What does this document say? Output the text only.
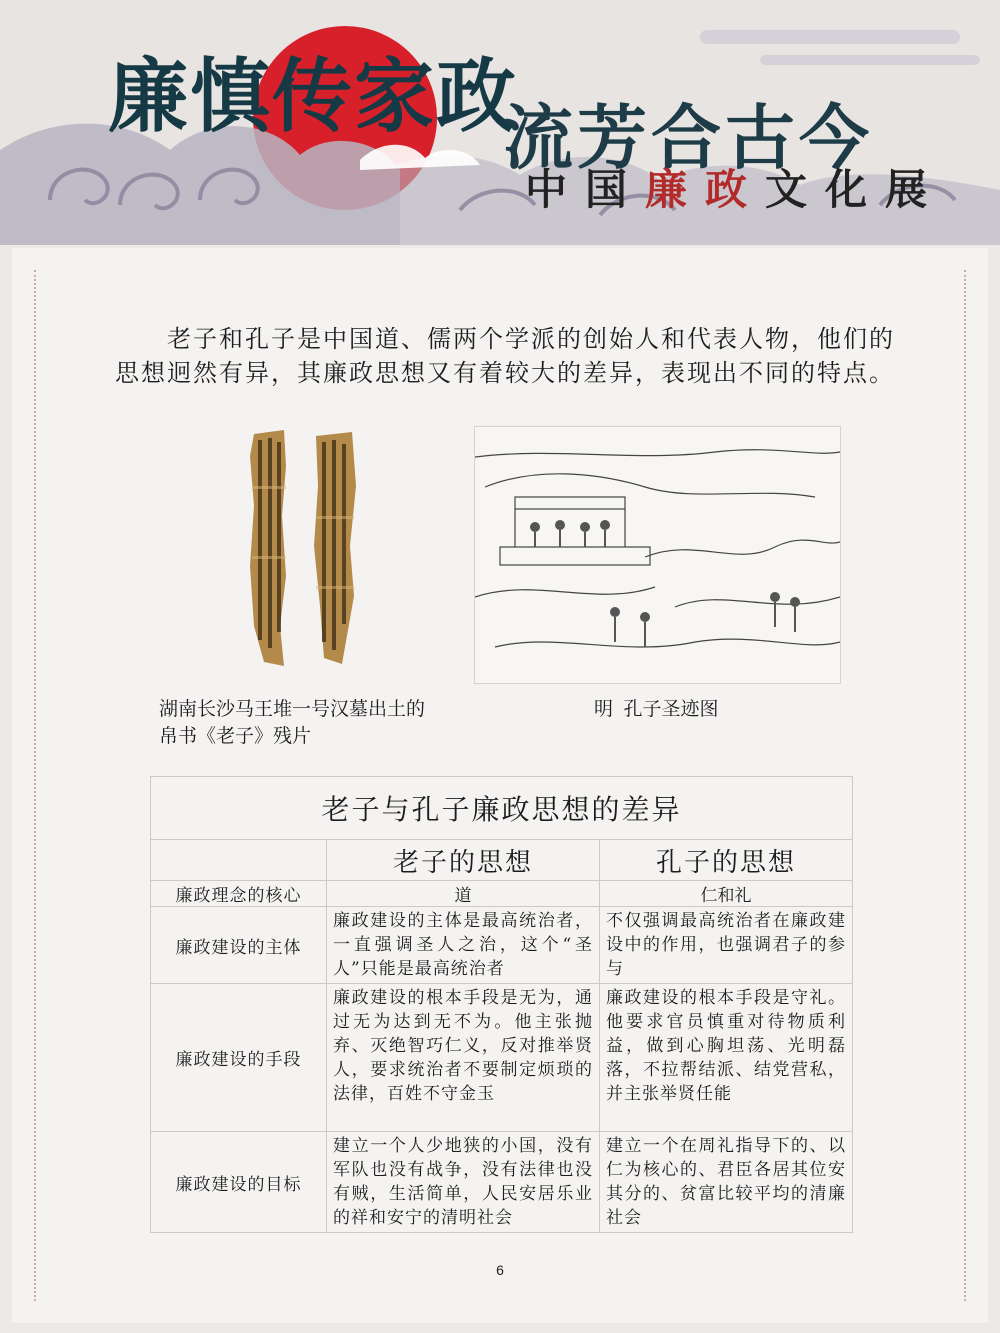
廉慎传家政
流芳合古今
中 国 廉 政 文 化 展

老子和孔子是中国道、儒两个学派的创始人和代表人物，他们的思想迥然有异，其廉政思想又有着较大的差异，表现出不同的特点。

湖南长沙马王堆一号汉墓出土的
帛书《老子》残片
明  孔子圣迹图
老子与孔子廉政思想的差异		
	老子的思想	孔子的思想
廉政理念的核心	道	仁和礼
廉政建设的主体	廉政建设的主体是最高统治者，一直强调圣人之治，这个“圣人”只能是最高统治者	不仅强调最高统治者在廉政建设中的作用，也强调君子的参与
廉政建设的手段	廉政建设的根本手段是无为，通过无为达到无不为。他主张抛弃、灭绝智巧仁义，反对推举贤人，要求统治者不要制定烦琐的法律，百姓不守金玉	廉政建设的根本手段是守礼。他要求官员慎重对待物质利益，做到心胸坦荡、光明磊落，不拉帮结派、结党营私，并主张举贤任能
廉政建设的目标	建立一个人少地狭的小国，没有军队也没有战争，没有法律也没有贼，生活简单，人民安居乐业的祥和安宁的清明社会	建立一个在周礼指导下的、以仁为核心的、君臣各居其位安其分的、贫富比较平均的清廉社会
6
